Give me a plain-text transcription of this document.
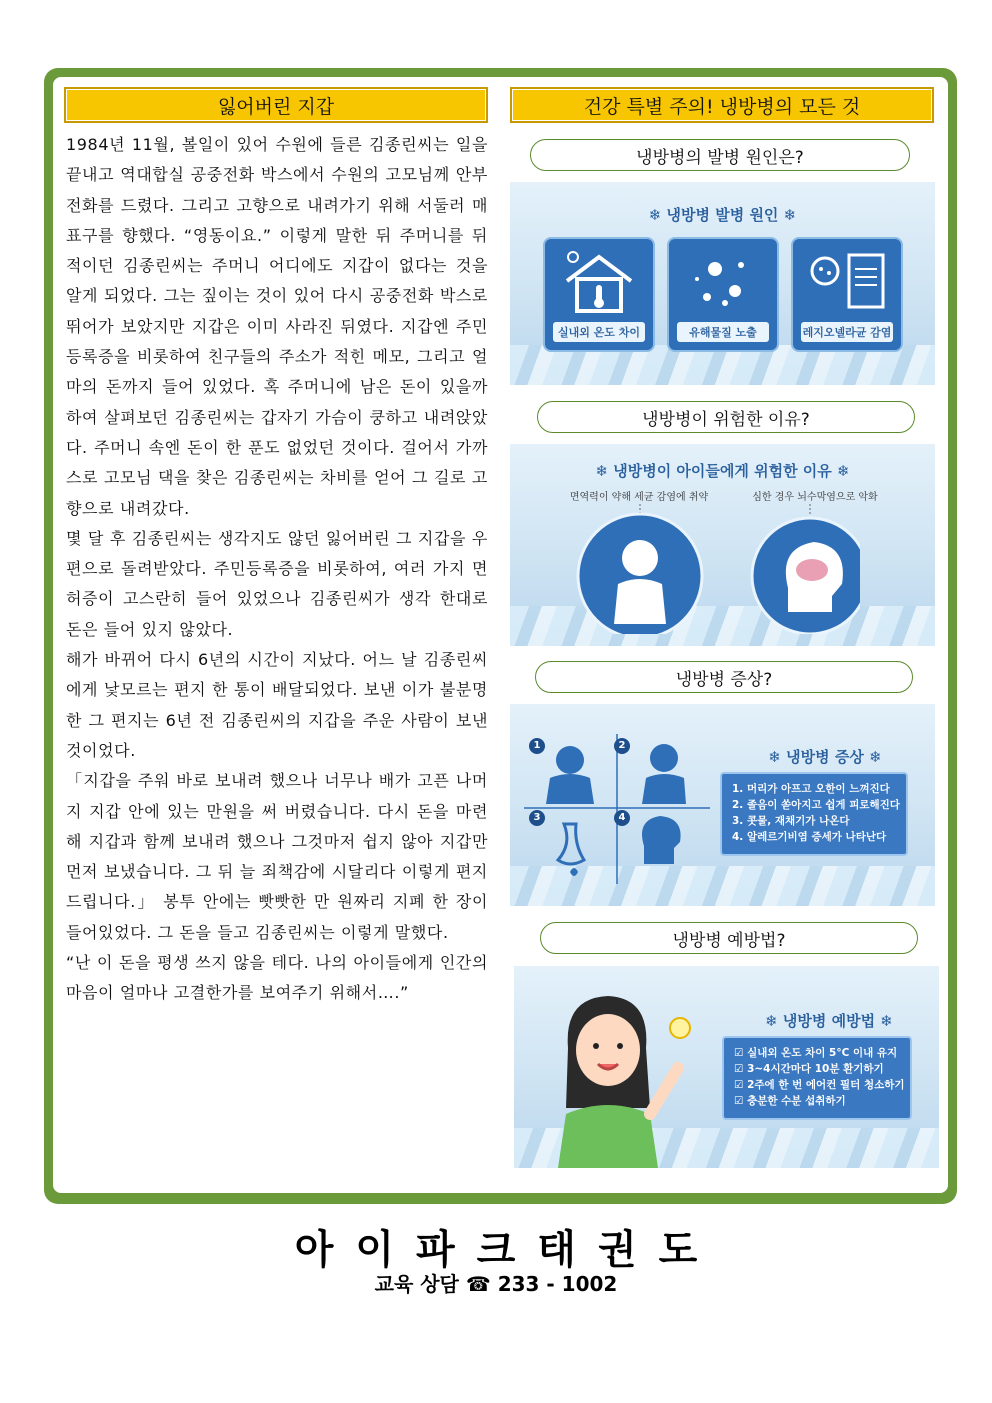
잃어버린 지갑

1984년 11월, 볼일이 있어 수원에 들른 김종린씨는 일을 끝내고 역대합실 공중전화 박스에서 수원의 고모님께 안부 전화를 드렸다. 그리고 고향으로 내려가기 위해 서둘러 매표구를 향했다. “영동이요.” 이렇게 말한 뒤 주머니를 뒤적이던 김종린씨는 주머니 어디에도 지갑이 없다는 것을 알게 되었다. 그는 짚이는 것이 있어 다시 공중전화 박스로 뛰어가 보았지만 지갑은 이미 사라진 뒤였다. 지갑엔 주민등록증을 비롯하여 친구들의 주소가 적힌 메모, 그리고 얼마의 돈까지 들어 있었다. 혹 주머니에 남은 돈이 있을까 하여 살펴보던 김종린씨는 갑자기 가슴이 쿵하고 내려앉았다. 주머니 속엔 돈이 한 푼도 없었던 것이다. 걸어서 가까스로 고모님 댁을 찾은 김종린씨는 차비를 얻어 그 길로 고향으로 내려갔다.

몇 달 후 김종린씨는 생각지도 않던 잃어버린 그 지갑을 우편으로 돌려받았다. 주민등록증을 비롯하여, 여러 가지 면허증이 고스란히 들어 있었으나 김종린씨가 생각 한대로 돈은 들어 있지 않았다.

해가 바뀌어 다시 6년의 시간이 지났다. 어느 날 김종린씨에게 낯모르는 편지 한 통이 배달되었다. 보낸 이가 불분명한 그 편지는 6년 전 김종린씨의 지갑을 주운 사람이 보낸 것이었다.

「지갑을 주워 바로 보내려 했으나 너무나 배가 고픈 나머지 지갑 안에 있는 만원을 써 버렸습니다. 다시 돈을 마련해 지갑과 함께 보내려 했으나 그것마저 쉽지 않아 지갑만 먼저 보냈습니다. 그 뒤 늘 죄책감에 시달리다 이렇게 편지 드립니다.」 봉투 안에는 빳빳한 만 원짜리 지폐 한 장이 들어있었다. 그 돈을 들고 김종린씨는 이렇게 말했다.

“난 이 돈을 평생 쓰지 않을 테다. 나의 아이들에게 인간의 마음이 얼마나 고결한가를 보여주기 위해서….”

건강 특별 주의! 냉방병의 모든 것
냉방병의 발병 원인은?
❄ 냉방병 발병 원인 ❄
실내외 온도 차이	유해물질 노출	레지오넬라균 감염
냉방병이 위험한 이유?
❄ 냉방병이 아이들에게 위험한 이유 ❄
면역력이 약해 세균 감염에 취약	심한 경우 뇌수막염으로 악화
냉방병 증상?
1	2
3	4
❄ 냉방병 증상 ❄
1. 머리가 아프고 오한이 느껴진다
2. 졸음이 쏟아지고 쉽게 피로해진다
3. 콧물, 재채기가 나온다
4. 알레르기비염 증세가 나타난다
냉방병 예방법?
❄ 냉방병 예방법 ❄
☑ 실내외 온도 차이 5°C 이내 유지
☑ 3~4시간마다 10분 환기하기
☑ 2주에 한 번 에어컨 필터 청소하기
☑ 충분한 수분 섭취하기
아이파크태권도
교육 상담 ☎ 233 - 1002
